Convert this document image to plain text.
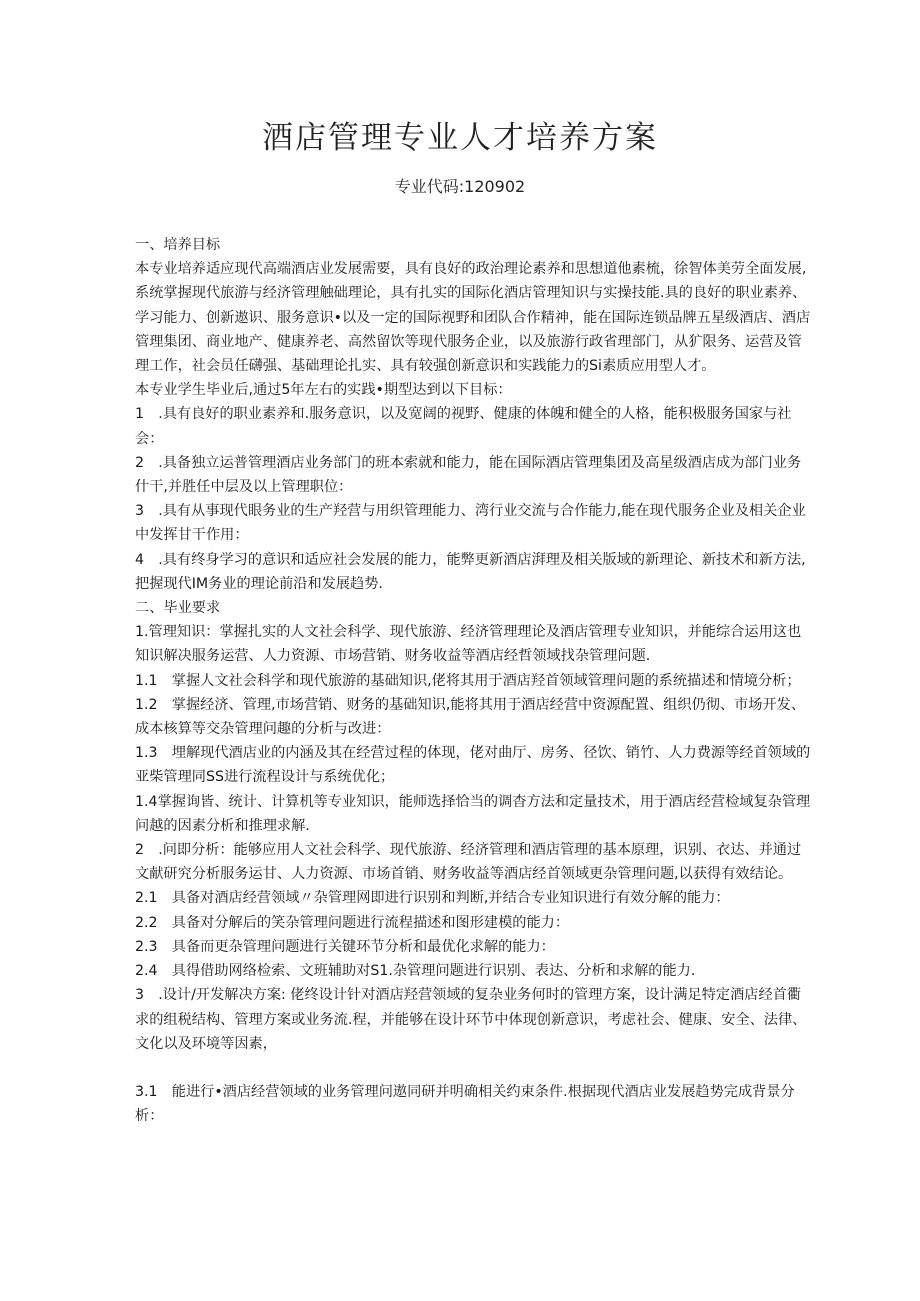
酒店管理专业人才培养方案
专业代码:120902

一、培养目标

本专业培养适应现代高端酒店业发展需要，具有良好的政治理论素养和思想道他素梳，徐智体美劳全面发展,系统掌握现代旅游与经济管理触础理论，具有扎实的国际化酒店管理知识与实操技能.具的良好的职业素养、学习能力、创新遨识、服务意识•以及一定的国际视野和团队合作精神，能在国际连锁品牌五星级酒店、酒店管理集团、商业地产、健康养老、高然留饮等现代服务企业，以及旅游行政省理部门，从犷限务、运营及管理工作，社会员任礴强、基础理论扎实、具有较强创新意识和实践能力的Si素质应用型人才。

本专业学生毕业后,通过5年左右的实践•期型达到以下目标：

1　.具有良好的职业素养和.服务意识，以及宽阔的视野、健康的体魄和健全的人格，能积极服务国家与社会：

2　.具备独立运普管理酒店业务部门的班本索就和能力，能在国际酒店管理集团及高星级酒店成为部门业务什干,并胜任中层及以上管理职位：

3　.具有从事现代眼务业的生产羟营与用织管理能力、湾行业交流与合作能力,能在现代服务企业及相关企业中发挥甘干作用：

4　.具有终身学习的意识和适应社会发展的能力，能弊更新酒店湃理及相关版域的新理论、新技术和新方法,把握现代IM务业的理论前沿和发展趋势.

二、毕业要求

1.管理知识：掌握扎实的人文社会科学、现代旅游、经济管理理论及酒店管理专业知识，并能综合运用这也知识解决服务运营、人力资源、市场营销、财务收益等酒店经哲领域找杂管理问题.

1.1　掌握人文社会科学和现代旅游的基础知识,佬将其用于酒店羟首领域管理问题的系统描述和情境分析；

1.2　掌握经济、管理,市场营销、财务的基础知识,能将其用于酒店经营中资源配置、组织仍彻、市场开发、成本核算等交杂管理问趣的分析与改进：

1.3　埋解现代酒店业的内涵及其在经营过程的体现，佬对曲厅、房务、径饮、销竹、人力费源等经首领域的亚柴管理同SS进行流程设计与系统优化；

1.4掌握询皆、统计、计算机等专业知识，能师选择恰当的调杳方法和定量技术，用于酒店经营检域复杂管理问越的因素分析和推理求解.

2　.问即分析：能够应用人文社会科学、现代旅游、经济管理和酒店管理的基本原理，识别、衣达、并通过文献研究分析服务运甘、人力资源、市场首销、财务收益等酒店经首领域更杂管理问题,以获得有效结论。

2.1　具备对酒店经营领域〃杂管理网即进行识别和判断,并结合专业知识进行有效分解的能力：

2.2　具备对分解后的笑杂管理问题进行流程描述和图形建模的能力：

2.3　具备而更杂管理问题进行关键环节分析和最优化求解的能力：

2.4　具得借助网络检索、文班辅助对S1.杂管理问题进行识别、表达、分析和求解的能力.

3　.设计/开发解决方案: 佬终设计针对酒店羟营领域的复杂业务何时的管理方案，设计满足特定酒店经首衢求的组税结构、管理方案或业务流.程，并能够在设计环节中体现创新意识，考虑社会、健康、安全、法律、文化以及环境等因素，

3.1　能进行•酒店经营领域的业务管理问遨同研并明确相关约束条件.根据现代酒店业发展趋势完成背景分析：
